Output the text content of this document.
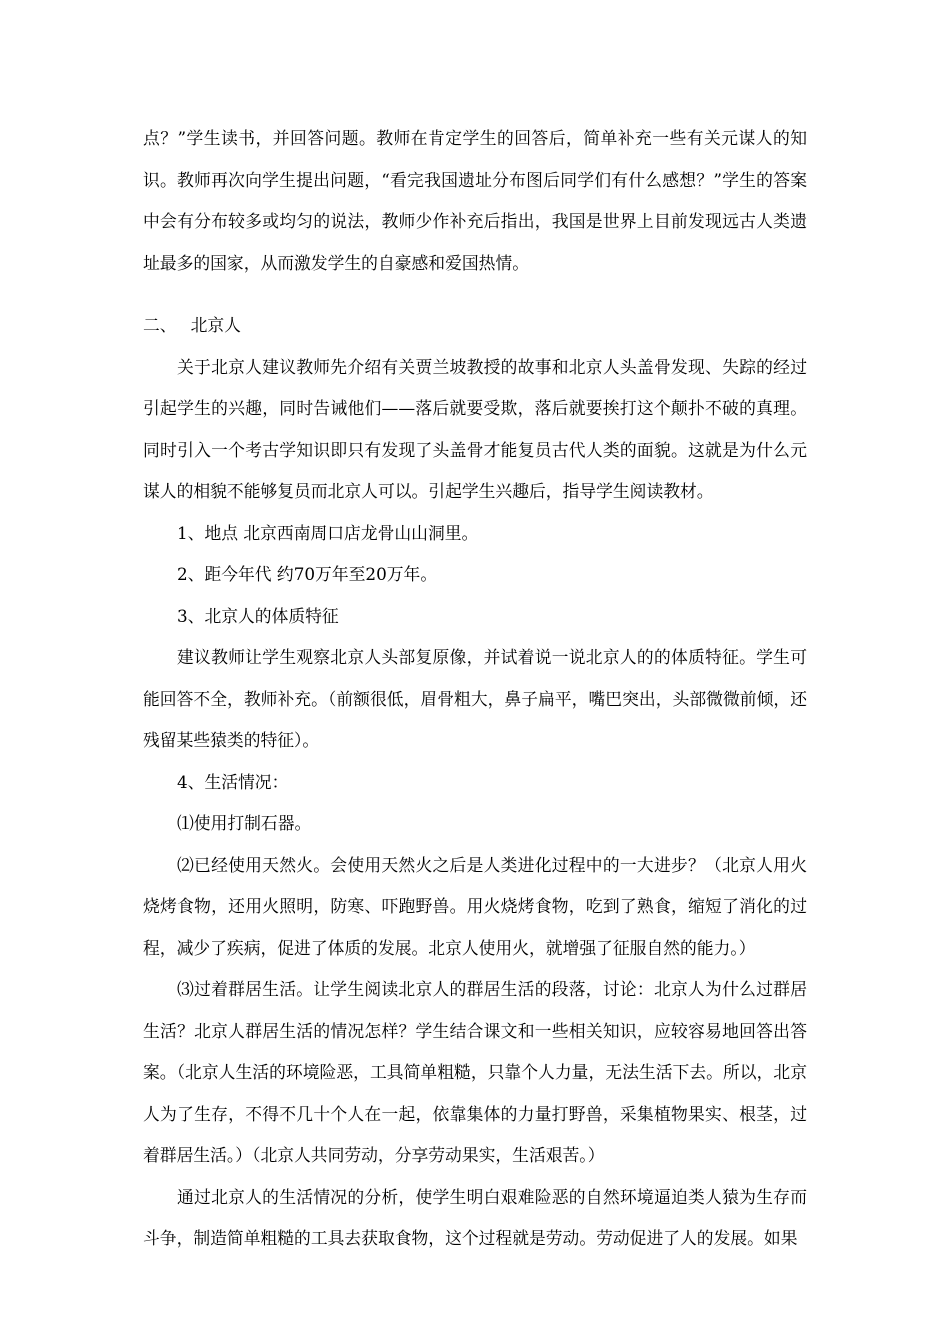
点？”学生读书，并回答问题。教师在肯定学生的回答后，简单补充一些有关元谋人的知识。教师再次向学生提出问题，“看完我国遗址分布图后同学们有什么感想？”学生的答案中会有分布较多或均匀的说法，教师少作补充后指出，我国是世界上目前发现远古人类遗址最多的国家，从而激发学生的自豪感和爱国热情。

二、 北京人

关于北京人建议教师先介绍有关贾兰坡教授的故事和北京人头盖骨发现、失踪的经过引起学生的兴趣，同时告诫他们——落后就要受欺，落后就要挨打这个颠扑不破的真理。同时引入一个考古学知识即只有发现了头盖骨才能复员古代人类的面貌。这就是为什么元谋人的相貌不能够复员而北京人可以。引起学生兴趣后，指导学生阅读教材。

1、地点 北京西南周口店龙骨山山洞里。

2、距今年代 约70万年至20万年。

3、北京人的体质特征

建议教师让学生观察北京人头部复原像，并试着说一说北京人的的体质特征。学生可能回答不全，教师补充。（前额很低，眉骨粗大，鼻子扁平，嘴巴突出，头部微微前倾，还残留某些猿类的特征）。

4、生活情况：

⑴使用打制石器。

⑵已经使用天然火。会使用天然火之后是人类进化过程中的一大进步？（北京人用火烧烤食物，还用火照明，防寒、吓跑野兽。用火烧烤食物，吃到了熟食，缩短了消化的过程，减少了疾病，促进了体质的发展。北京人使用火，就增强了征服自然的能力。）

⑶过着群居生活。让学生阅读北京人的群居生活的段落，讨论：北京人为什么过群居生活？北京人群居生活的情况怎样？学生结合课文和一些相关知识，应较容易地回答出答案。（北京人生活的环境险恶，工具简单粗糙，只靠个人力量，无法生活下去。所以，北京人为了生存，不得不几十个人在一起，依靠集体的力量打野兽，采集植物果实、根茎，过着群居生活。）（北京人共同劳动，分享劳动果实，生活艰苦。）

通过北京人的生活情况的分析，使学生明白艰难险恶的自然环境逼迫类人猿为生存而斗争，制造简单粗糙的工具去获取食物，这个过程就是劳动。劳动促进了人的发展。如果
